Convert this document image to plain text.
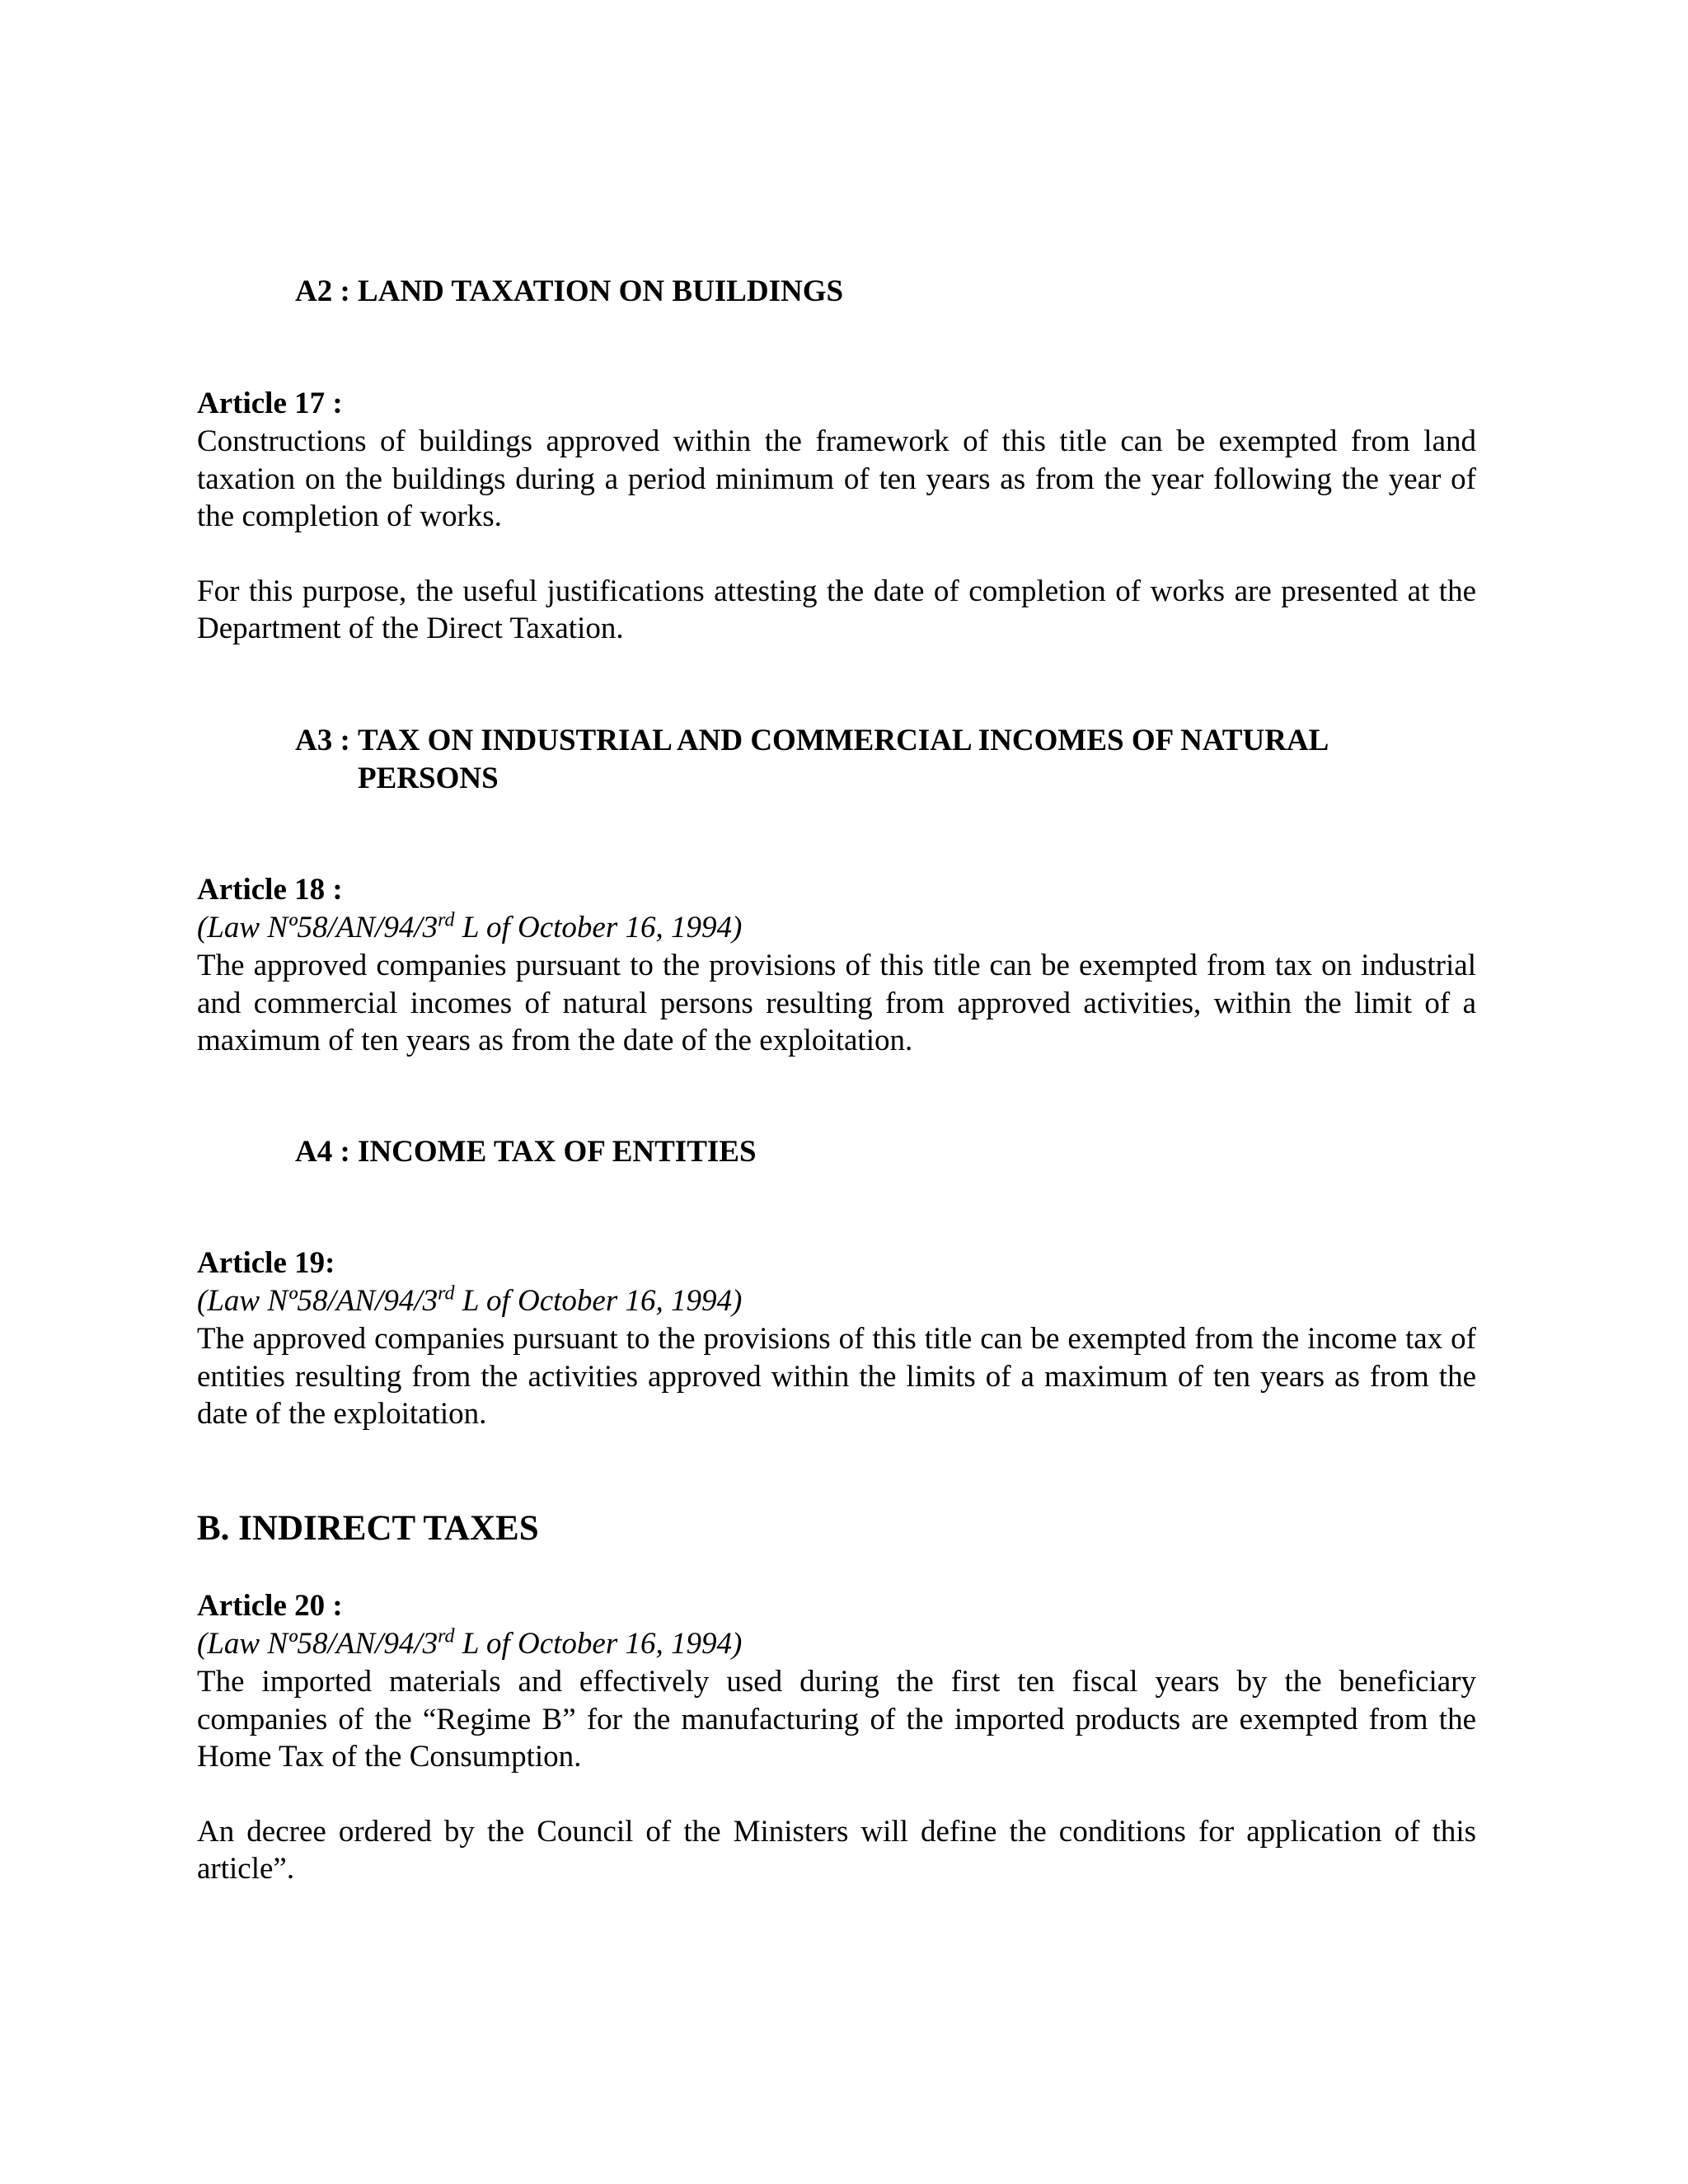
A2 : LAND TAXATION ON BUILDINGS
Article 17 :

Constructions of buildings approved within the framework of this title can be exempted from land taxation on the buildings during a period minimum of ten years as from the year following the year of the completion of works.

For this purpose, the useful justifications attesting the date of completion of works are presented at the Department of the Direct Taxation.

A3 : TAX ON INDUSTRIAL AND COMMERCIAL INCOMES OF NATURAL PERSONS
Article 18 :
(Law Nº58/AN/94/3rd L of October 16, 1994)

The approved companies pursuant to the provisions of this title can be exempted from tax on industrial and commercial incomes of natural persons resulting from approved activities, within the limit of a maximum of ten years as from the date of the exploitation.

A4 : INCOME TAX OF ENTITIES
Article 19:
(Law Nº58/AN/94/3rd L of October 16, 1994)

The approved companies pursuant to the provisions of this title can be exempted from the income tax of entities resulting from the activities approved within the limits of a maximum of ten years as from the date of the exploitation.

B. INDIRECT TAXES
Article 20 :
(Law Nº58/AN/94/3rd L of October 16, 1994)

The imported materials and effectively used during the first ten fiscal years by the beneficiary companies of the “Regime B” for the manufacturing of the imported products are exempted from the Home Tax of the Consumption.

An decree ordered by the Council of the Ministers will define the conditions for application of this article”.
